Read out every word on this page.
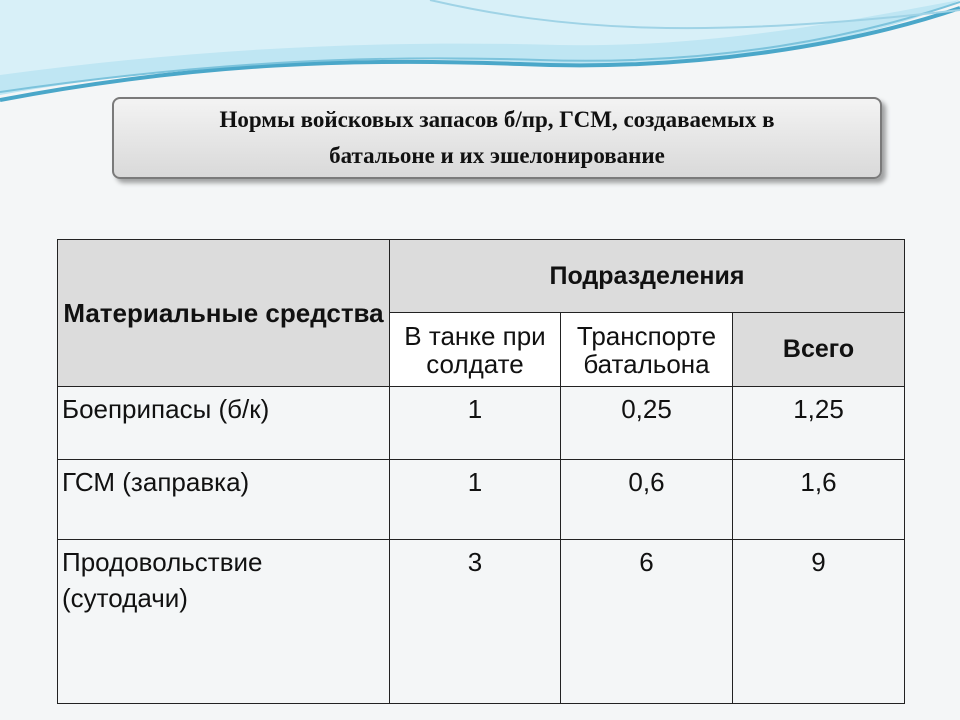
Нормы войсковых запасов б/пр, ГСМ, создаваемых в
батальоне и их эшелонирование
Материальные средства	Подразделения		
	В танке при солдате	Транспорте батальона	Всего
Боеприпасы (б/к)	1	0,25	1,25
ГСМ (заправка)	1	0,6	1,6
Продовольствие (сутодачи)	3	6	9
